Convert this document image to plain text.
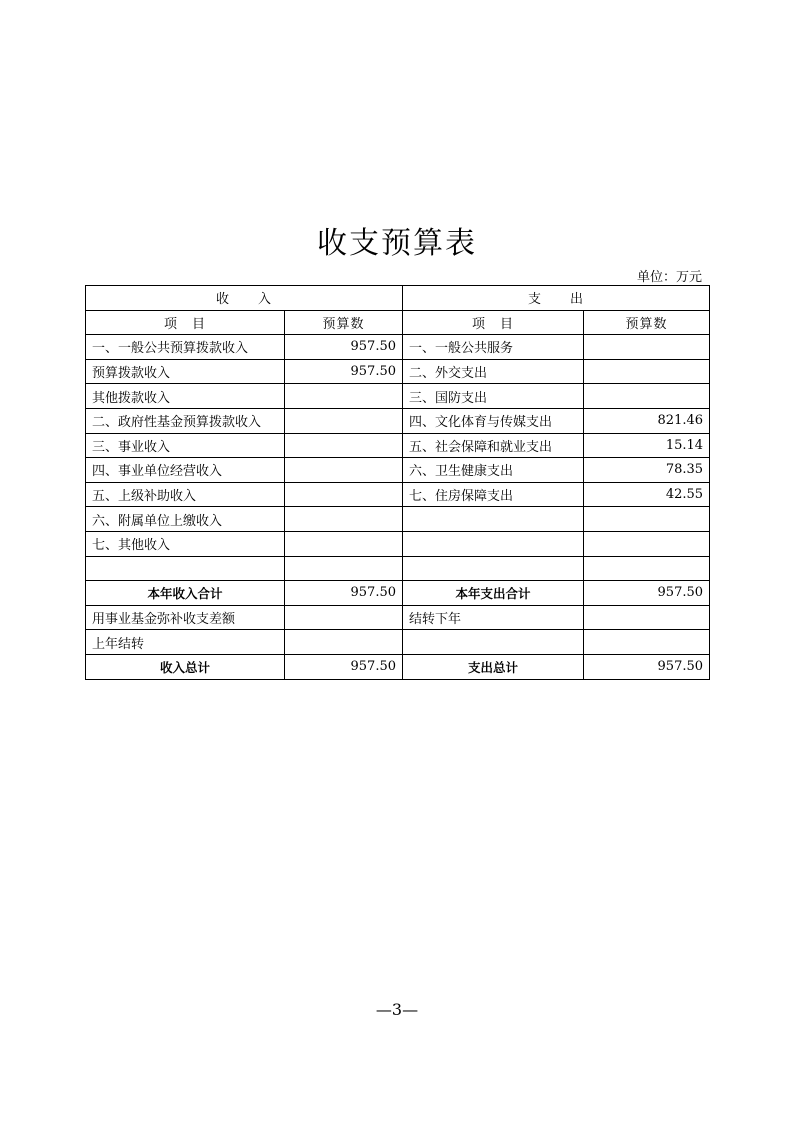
收支预算表
单位：万元
收　　入		支　　出	
项　目	预算数	项　目	预算数
一、一般公共预算拨款收入	957.50	一、一般公共服务	
预算拨款收入	957.50	二、外交支出	
其他拨款收入		三、国防支出	
二、政府性基金预算拨款收入		四、文化体育与传媒支出	821.46
三、事业收入		五、社会保障和就业支出	15.14
四、事业单位经营收入		六、卫生健康支出	78.35
五、上级补助收入		七、住房保障支出	42.55
六、附属单位上缴收入			
七、其他收入			

本年收入合计	957.50	本年支出合计	957.50
用事业基金弥补收支差额		结转下年	
上年结转			
收入总计	957.50	支出总计	957.50
—3—
